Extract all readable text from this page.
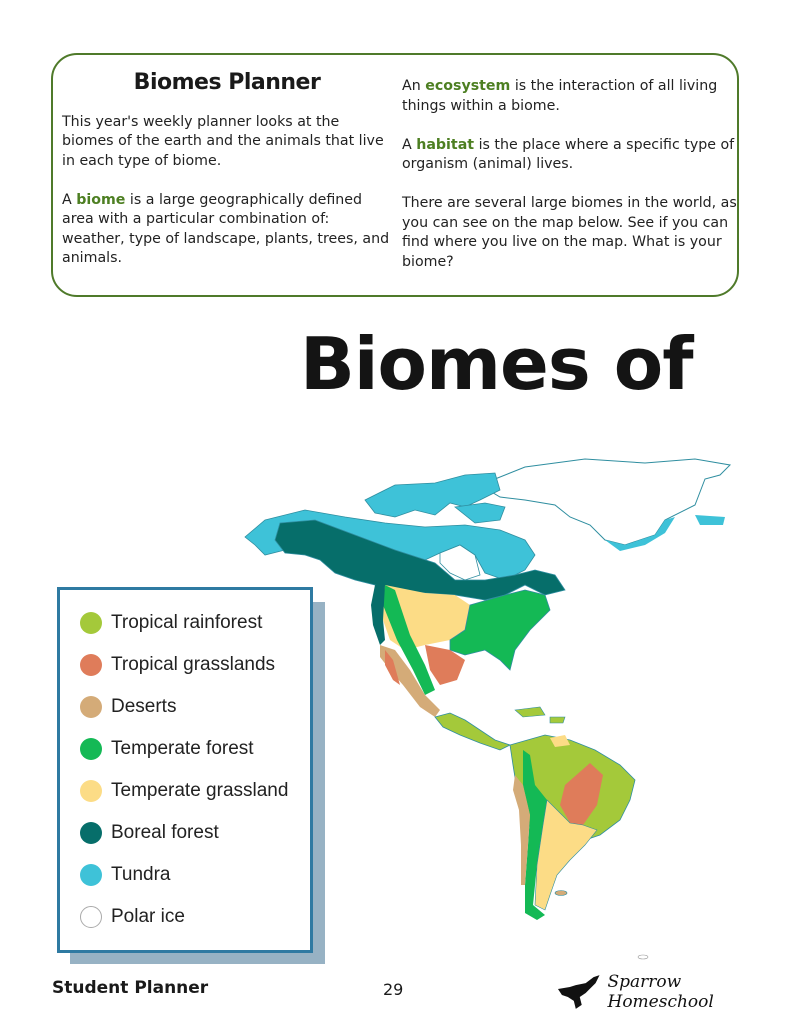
Biomes Planner

This year's weekly planner looks at the biomes of the earth and the animals that live in each type of biome.

A biome is a large geographically defined area with a particular combination of: weather, type of landscape, plants, trees, and animals.

An ecosystem is the interaction of all living things within a biome.

A habitat is the place where a specific type of organism (animal) lives.

There are several large biomes in the world, as you can see on the map below. See if you can find where you live on the map. What is your biome?

Biomes of
Tropical rainforest
Tropical grasslands
Deserts
Temperate forest
Temperate grassland
Boreal forest
Tundra
Polar ice
Student Planner	29	Sparrow Homeschool
